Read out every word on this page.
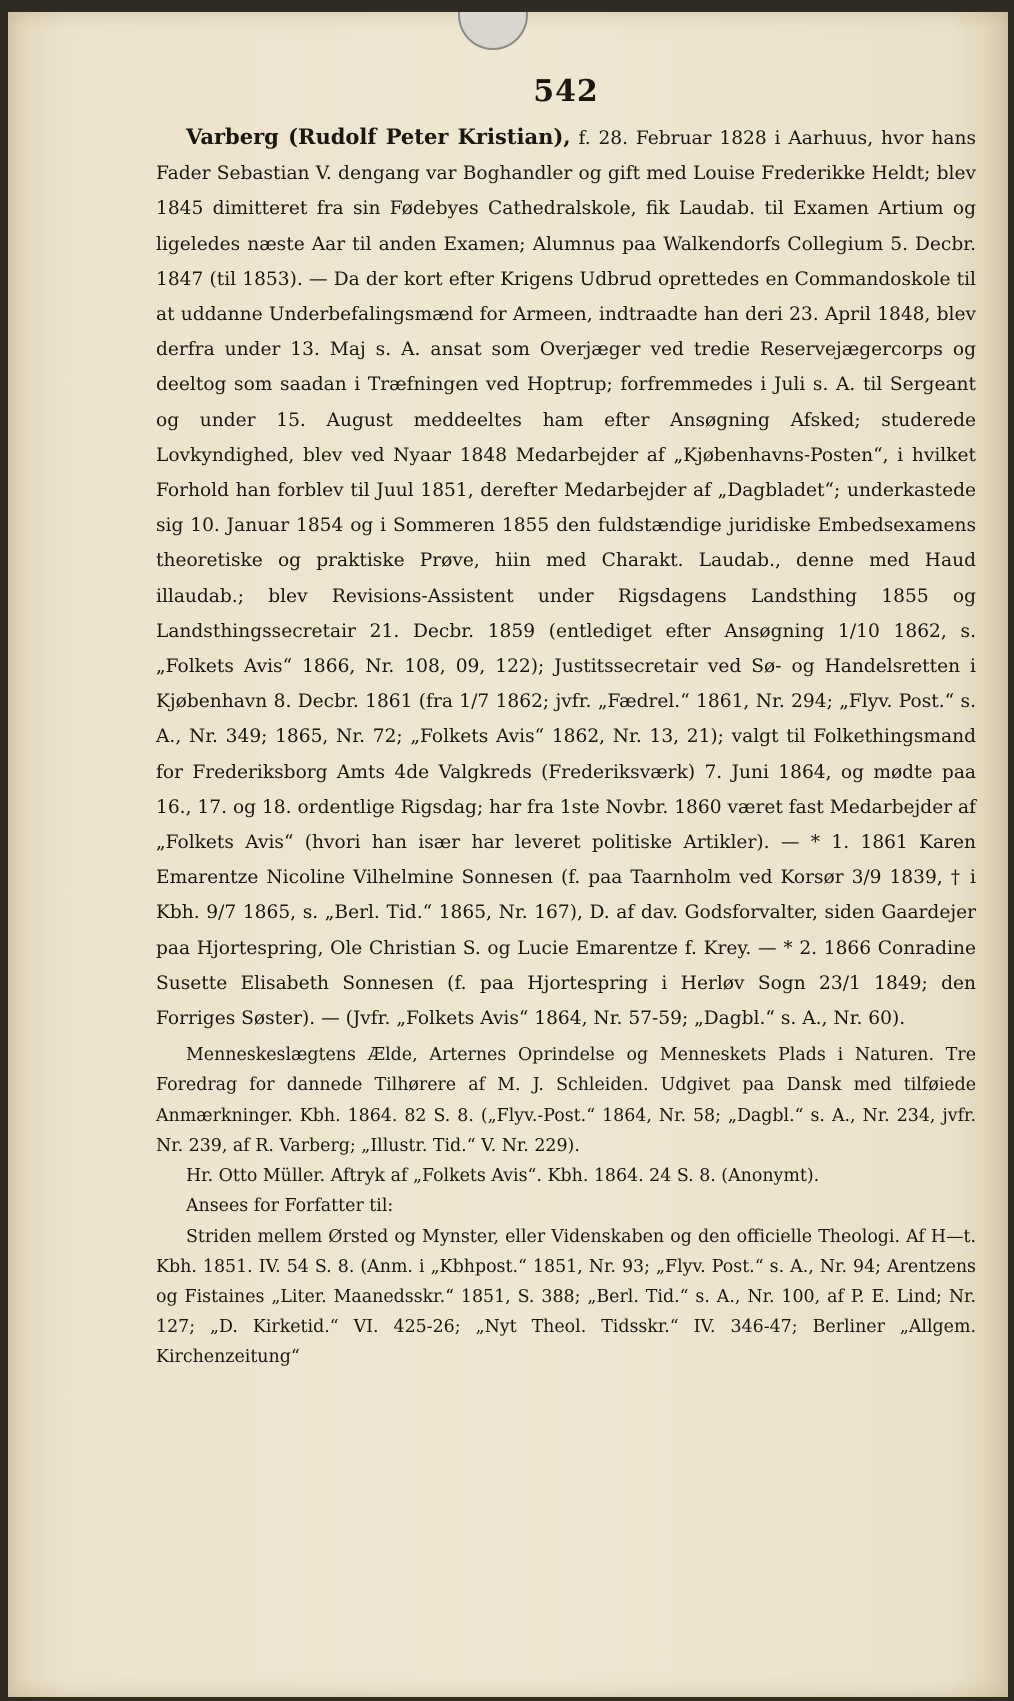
542

Varberg (Rudolf Peter Kristian), f. 28. Februar 1828 i Aarhuus, hvor hans Fader Sebastian V. dengang var Boghandler og gift med Louise Frederikke Heldt; blev 1845 dimitteret fra sin Fødebyes Cathedralskole, fik Laudab. til Examen Artium og ligeledes næste Aar til anden Examen; Alumnus paa Walkendorfs Collegium 5. Decbr. 1847 (til 1853). — Da der kort efter Krigens Udbrud oprettedes en Commandoskole til at uddanne Underbefalingsmænd for Armeen, indtraadte han deri 23. April 1848, blev derfra under 13. Maj s. A. ansat som Overjæger ved tredie Reservejægercorps og deeltog som saadan i Træfningen ved Hoptrup; forfremmedes i Juli s. A. til Sergeant og under 15. August meddeeltes ham efter Ansøgning Afsked; studerede Lovkyndighed, blev ved Nyaar 1848 Medarbejder af „Kjøbenhavns-Posten“, i hvilket Forhold han forblev til Juul 1851, derefter Medarbejder af „Dagbladet“; underkastede sig 10. Januar 1854 og i Sommeren 1855 den fuldstændige juridiske Embedsexamens theoretiske og praktiske Prøve, hiin med Charakt. Laudab., denne med Haud illaudab.; blev Revisions-Assistent under Rigsdagens Landsthing 1855 og Landsthingssecretair 21. Decbr. 1859 (entlediget efter Ansøgning 1/10 1862, s. „Folkets Avis“ 1866, Nr. 108, 09, 122); Justitssecretair ved Sø- og Handelsretten i Kjøbenhavn 8. Decbr. 1861 (fra 1/7 1862; jvfr. „Fædrel.“ 1861, Nr. 294; „Flyv. Post.“ s. A., Nr. 349; 1865, Nr. 72; „Folkets Avis“ 1862, Nr. 13, 21); valgt til Folkethingsmand for Frederiksborg Amts 4de Valgkreds (Frederiksværk) 7. Juni 1864, og mødte paa 16., 17. og 18. ordentlige Rigsdag; har fra 1ste Novbr. 1860 været fast Medarbejder af „Folkets Avis“ (hvori han især har leveret politiske Artikler). — * 1. 1861 Karen Emarentze Nicoline Vilhelmine Sonnesen (f. paa Taarnholm ved Korsør 3/9 1839, † i Kbh. 9/7 1865, s. „Berl. Tid.“ 1865, Nr. 167), D. af dav. Godsforvalter, siden Gaardejer paa Hjortespring, Ole Christian S. og Lucie Emarentze f. Krey. — * 2. 1866 Conradine Susette Elisabeth Sonnesen (f. paa Hjortespring i Herløv Sogn 23/1 1849; den Forriges Søster). — (Jvfr. „Folkets Avis“ 1864, Nr. 57-59; „Dagbl.“ s. A., Nr. 60).

Menneskeslægtens Ælde, Arternes Oprindelse og Menneskets Plads i Naturen. Tre Foredrag for dannede Tilhørere af M. J. Schleiden. Udgivet paa Dansk med tilføiede Anmærkninger. Kbh. 1864. 82 S. 8. („Flyv.-Post.“ 1864, Nr. 58; „Dagbl.“ s. A., Nr. 234, jvfr. Nr. 239, af R. Varberg; „Illustr. Tid.“ V. Nr. 229).

Hr. Otto Müller. Aftryk af „Folkets Avis“. Kbh. 1864. 24 S. 8. (Anonymt).

Ansees for Forfatter til:

Striden mellem Ørsted og Mynster, eller Videnskaben og den officielle Theologi. Af H—t. Kbh. 1851. IV. 54 S. 8. (Anm. i „Kbhpost.“ 1851, Nr. 93; „Flyv. Post.“ s. A., Nr. 94; Arentzens og Fistaines „Liter. Maanedsskr.“ 1851, S. 388; „Berl. Tid.“ s. A., Nr. 100, af P. E. Lind; Nr. 127; „D. Kirketid.“ VI. 425-26; „Nyt Theol. Tidsskr.“ IV. 346-47; Berliner „Allgem. Kirchenzeitung“
